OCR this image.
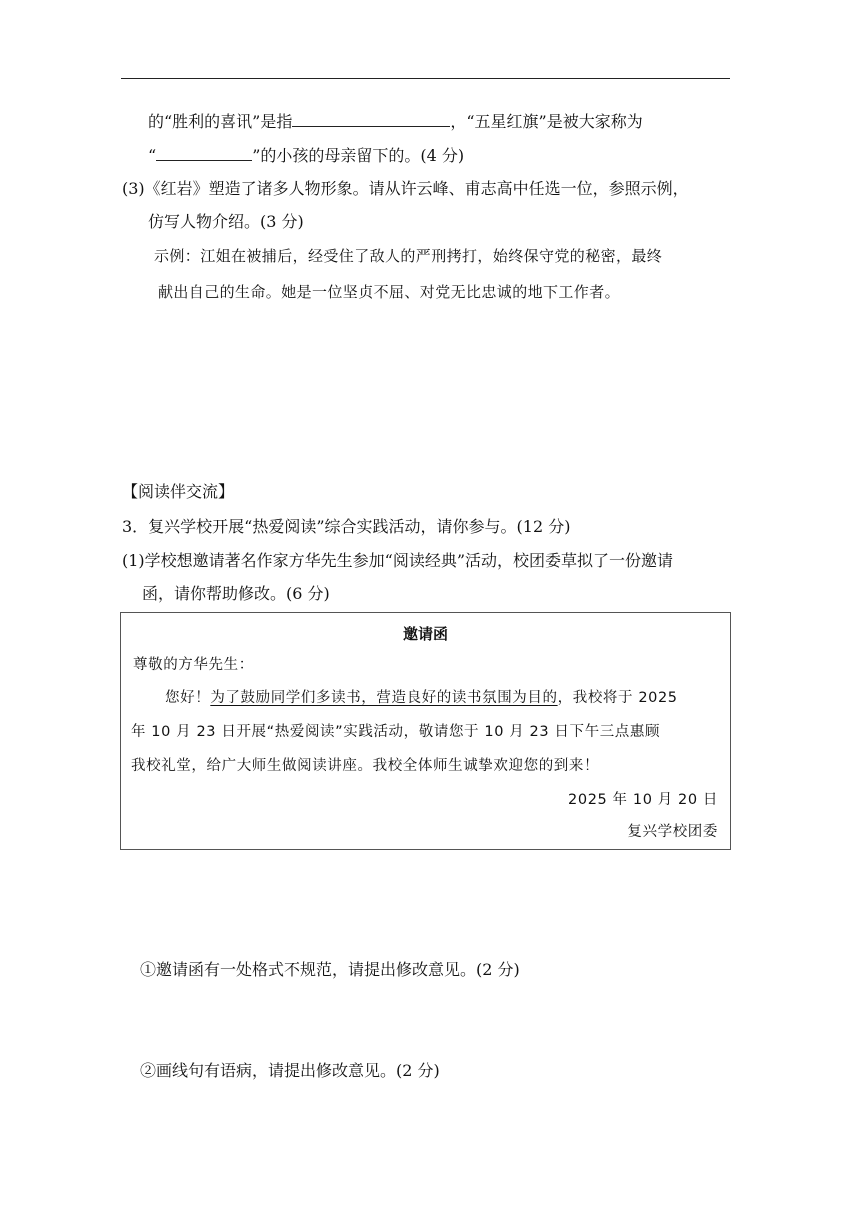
的“胜利的喜讯”是指	，“五星红旗”是被大家称为
“	”的小孩的母亲留下的。(4 分)
(3)《红岩》塑造了诸多人物形象。请从许云峰、甫志高中任选一位，参照示例，
仿写人物介绍。(3 分)
示例：江姐在被捕后，经受住了敌人的严刑拷打，始终保守党的秘密，最终
献出自己的生命。她是一位坚贞不屈、对党无比忠诚的地下工作者。
【阅读伴交流】
3．复兴学校开展“热爱阅读”综合实践活动，请你参与。(12 分)
(1)学校想邀请著名作家方华先生参加“阅读经典”活动，校团委草拟了一份邀请
函，请你帮助修改。(6 分)
邀请函
尊敬的方华先生：
您好！为了鼓励同学们多读书，营造良好的读书氛围为目的，我校将于 2025
年 10 月 23 日开展“热爱阅读”实践活动，敬请您于 10 月 23 日下午三点惠顾
我校礼堂，给广大师生做阅读讲座。我校全体师生诚挚欢迎您的到来！
2025 年 10 月 20 日
复兴学校团委
①邀请函有一处格式不规范，请提出修改意见。(2 分)
②画线句有语病，请提出修改意见。(2 分)
